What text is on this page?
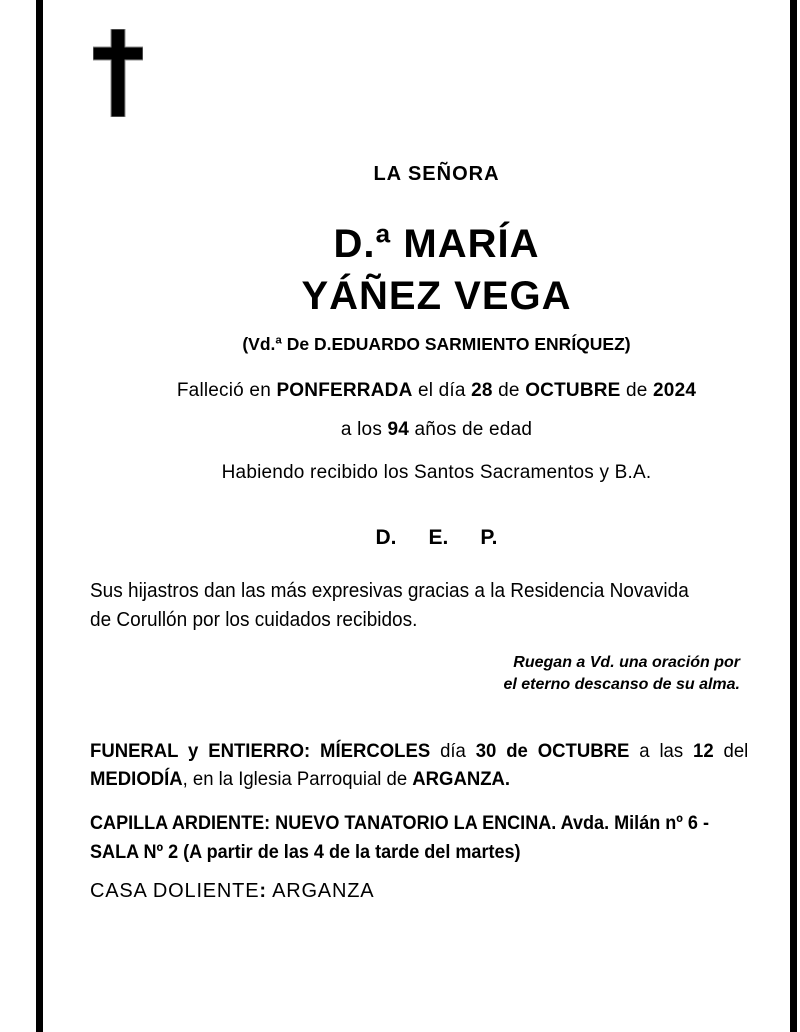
LA SEÑORA
D.ª MARÍA
YÁÑEZ VEGA
(Vd.ª De D.EDUARDO SARMIENTO ENRÍQUEZ)
Falleció en PONFERRADA el día 28 de OCTUBRE de 2024
a los 94 años de edad
Habiendo recibido los Santos Sacramentos y B.A.
D. E. P.
Sus hijastros dan las más expresivas gracias a la Residencia Novavida
de Corullón por los cuidados recibidos.
Ruegan a Vd. una oración por
el eterno descanso de su alma.
FUNERAL y ENTIERRO: MÍERCOLES día 30 de OCTUBRE a las 12 del
MEDIODÍA, en la Iglesia Parroquial de ARGANZA.
CAPILLA ARDIENTE: NUEVO TANATORIO LA ENCINA. Avda. Milán nº 6 -
SALA Nº 2 (A partir de las 4 de la tarde del martes)
CASA DOLIENTE: ARGANZA
